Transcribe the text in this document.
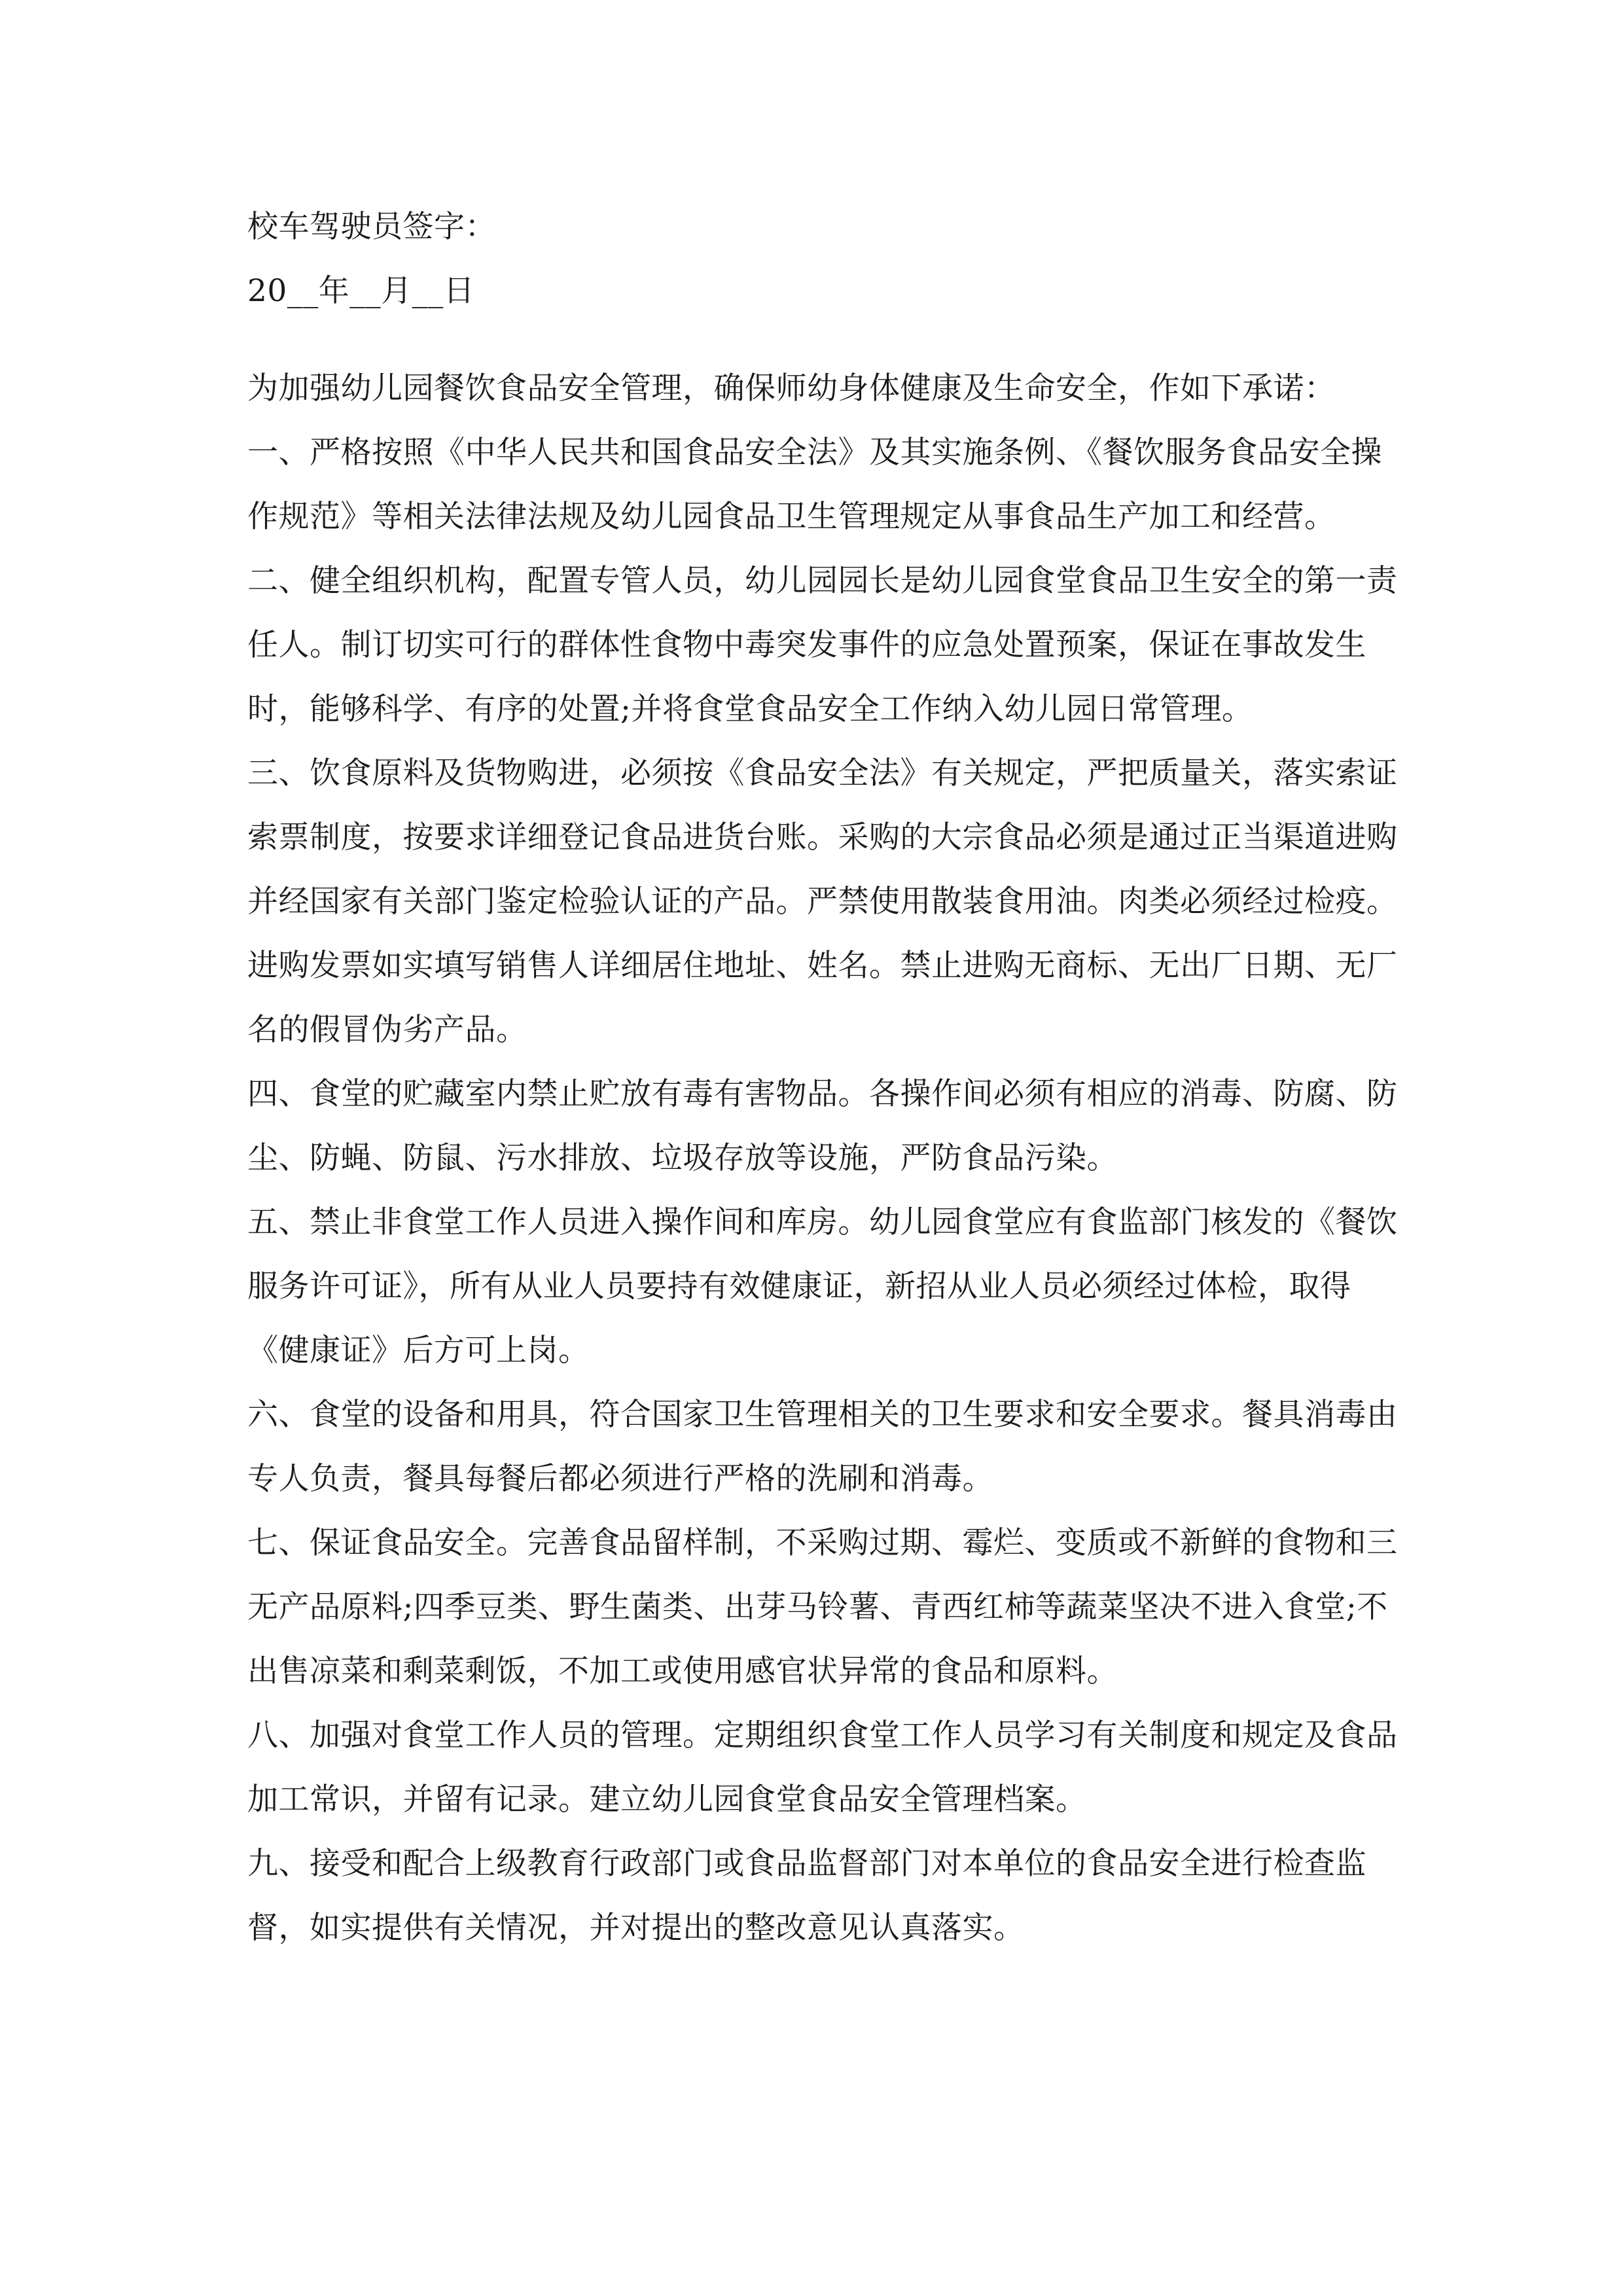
校车驾驶员签字：

20__年__月__日

为加强幼儿园餐饮食品安全管理，确保师幼身体健康及生命安全，作如下承诺：

一、严格按照《中华人民共和国食品安全法》及其实施条例、《餐饮服务食品安全操作规范》等相关法律法规及幼儿园食品卫生管理规定从事食品生产加工和经营。

二、健全组织机构，配置专管人员，幼儿园园长是幼儿园食堂食品卫生安全的第一责任人。制订切实可行的群体性食物中毒突发事件的应急处置预案，保证在事故发生时，能够科学、有序的处置;并将食堂食品安全工作纳入幼儿园日常管理。

三、饮食原料及货物购进，必须按《食品安全法》有关规定，严把质量关，落实索证索票制度，按要求详细登记食品进货台账。采购的大宗食品必须是通过正当渠道进购并经国家有关部门鉴定检验认证的产品。严禁使用散装食用油。肉类必须经过检疫。进购发票如实填写销售人详细居住地址、姓名。禁止进购无商标、无出厂日期、无厂名的假冒伪劣产品。

四、食堂的贮藏室内禁止贮放有毒有害物品。各操作间必须有相应的消毒、防腐、防尘、防蝇、防鼠、污水排放、垃圾存放等设施，严防食品污染。

五、禁止非食堂工作人员进入操作间和库房。幼儿园食堂应有食监部门核发的《餐饮服务许可证》，所有从业人员要持有效健康证，新招从业人员必须经过体检，取得《健康证》后方可上岗。

六、食堂的设备和用具，符合国家卫生管理相关的卫生要求和安全要求。餐具消毒由专人负责，餐具每餐后都必须进行严格的洗刷和消毒。

七、保证食品安全。完善食品留样制，不采购过期、霉烂、变质或不新鲜的食物和三无产品原料;四季豆类、野生菌类、出芽马铃薯、青西红柿等蔬菜坚决不进入食堂;不出售凉菜和剩菜剩饭，不加工或使用感官状异常的食品和原料。

八、加强对食堂工作人员的管理。定期组织食堂工作人员学习有关制度和规定及食品加工常识，并留有记录。建立幼儿园食堂食品安全管理档案。

九、接受和配合上级教育行政部门或食品监督部门对本单位的食品安全进行检查监督，如实提供有关情况，并对提出的整改意见认真落实。
